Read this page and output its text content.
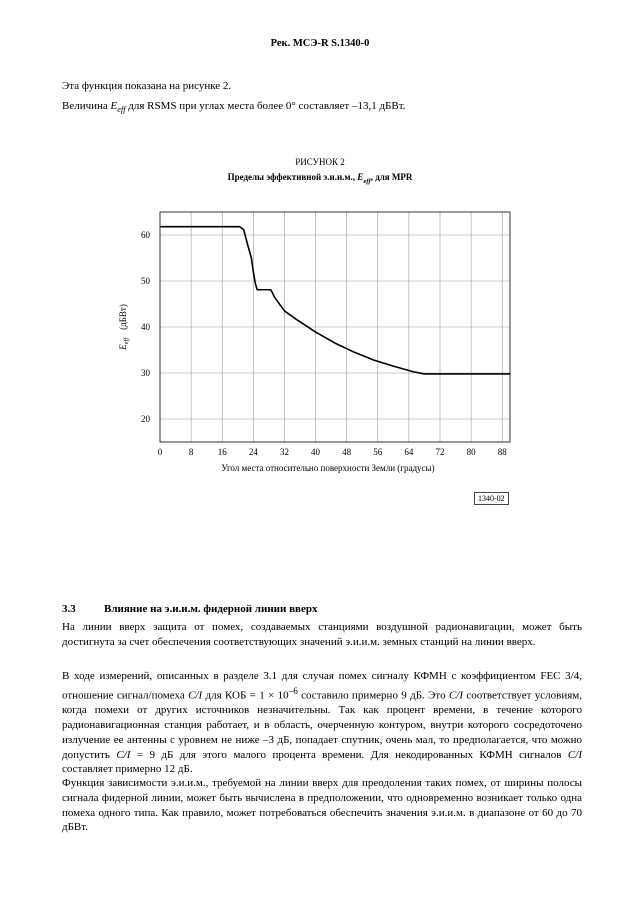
Рек. МСЭ-R S.1340-0
Эта функция показана на рисунке 2.
Величина $E_{eff}$ для RSMS при углах места более 0° составляет –13,1 дБВт.
РИСУНОК 2
Пределы эффективной э.и.и.м., $E_{eff}$, для MPR
0	8	16 24 32 40 48 56 64 72 80 88
20
30
40
50
60
Угол места относительно поверхности Земли (градусы)
$E_{eff}(дБВт)$
1340-02
3.3	Влияние на э.и.и.м. фидерной линии вверх
На линии вверх защита от помех, создаваемых станциями воздушной радионавигации, может быть достигнута за счет обеспечения соответствующих значений э.и.и.м. земных станций на линии вверх.
В ходе измерений, описанных в разделе 3.1 для случая помех сигналу КФМН с коэффициентом FEC 3/4, отношение сигнал/помеха C/I для КОБ = $1 \times 10^{-6}$ составило примерно 9 дБ. Это C/I соответствует условиям, когда помехи от других источников незначительны. Так как процент времени, в течение которого радионавигационная станция работает, и в область, очерченную контуром, внутри которого сосредоточено излучение ее антенны с уровнем не ниже –3 дБ, попадает спутник, очень мал, то предполагается, что можно допустить C/I = 9 дБ для этого малого процента времени. Для некодированных КФМН сигналов C/I составляет примерно 12 дБ.
Функция зависимости э.и.и.м., требуемой на линии вверх для преодоления таких помех, от ширины полосы сигнала фидерной линии, может быть вычислена в предположении, что одновременно возникает только одна помеха одного типа. Как правило, может потребоваться обеспечить значения э.и.и.м. в диапазоне от 60 до 70 дБВт.
